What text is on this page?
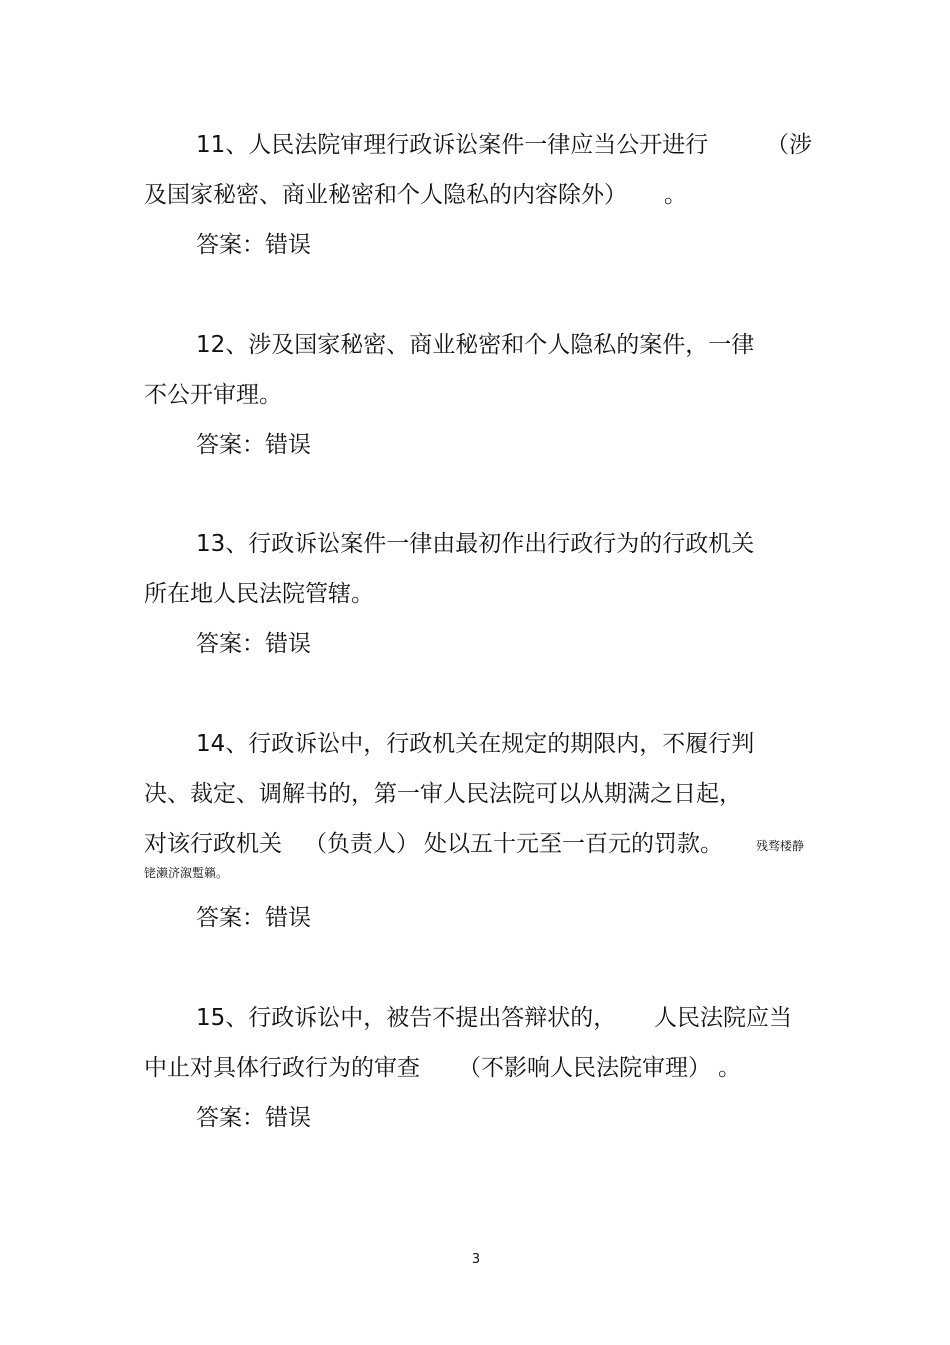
11、人民法院审理行政诉讼案件一律应当公开进行	（涉
及国家秘密、商业秘密和个人隐私的内容除外） 。
答案：错误
12、涉及国家秘密、商业秘密和个人隐私的案件，一律
不公开审理。
答案：错误
13、行政诉讼案件一律由最初作出行政行为的行政机关
所在地人民法院管辖。
答案：错误
14、行政诉讼中，行政机关在规定的期限内，不履行判
决、裁定、调解书的，第一审人民法院可以从期满之日起，
对该行政机关 （负责人） 处以五十元至一百元的罚款。	残骛楼静
铑濑济溆蹔籟。
答案：错误
15、行政诉讼中，被告不提出答辩状的， 人民法院应当
中止对具体行政行为的审查 （不影响人民法院审理） 。
答案：错误
3
